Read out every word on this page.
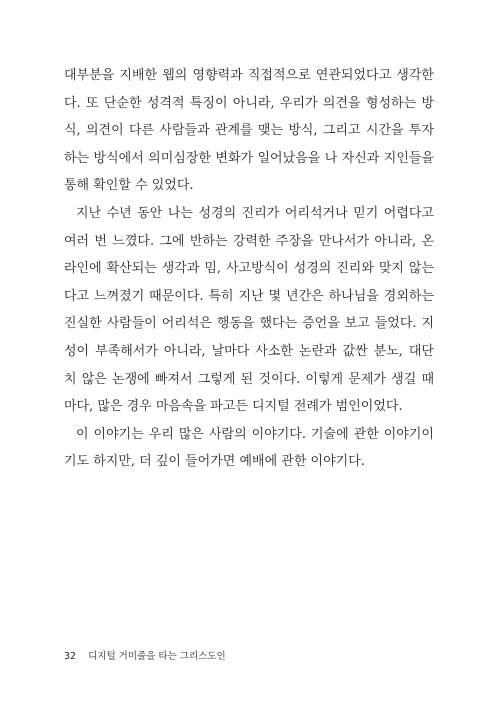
대부분을 지배한 웹의 영향력과 직접적으로 연관되었다고 생각한
다. 또 단순한 성격적 특징이 아니라, 우리가 의견을 형성하는 방
식, 의견이 다른 사람들과 관계를 맺는 방식, 그리고 시간을 투자
하는 방식에서 의미심장한 변화가 일어났음을 나 자신과 지인들을
통해 확인할 수 있었다.
지난 수년 동안 나는 성경의 진리가 어리석거나 믿기 어렵다고
여러 번 느꼈다. 그에 반하는 강력한 주장을 만나서가 아니라, 온
라인에 확산되는 생각과 밈, 사고방식이 성경의 진리와 맞지 않는
다고 느껴졌기 때문이다. 특히 지난 몇 년간은 하나님을 경외하는
진실한 사람들이 어리석은 행동을 했다는 증언을 보고 들었다. 지
성이 부족해서가 아니라, 날마다 사소한 논란과 값싼 분노, 대단
치 않은 논쟁에 빠져서 그렇게 된 것이다. 이렇게 문제가 생길 때
마다, 많은 경우 마음속을 파고든 디지털 전례가 범인이었다.
이 이야기는 우리 많은 사람의 이야기다. 기술에 관한 이야기이
기도 하지만, 더 깊이 들어가면 예배에 관한 이야기다.
32 디지털 거미줄을 타는 그리스도인
